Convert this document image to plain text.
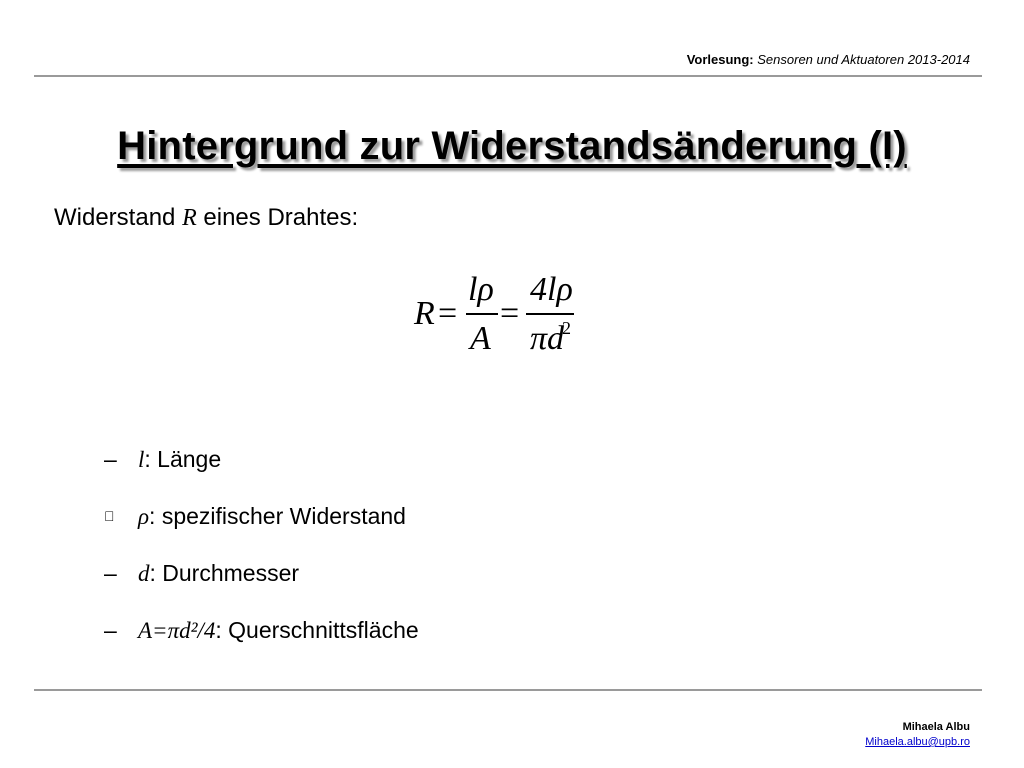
Vorlesung: Sensoren und Aktuatoren 2013-2014
Hintergrund zur Widerstandsänderung (I)
Widerstand R eines Drahtes:
R =
lρ
A
=
4lρ
πd
2
– l: Länge
ρ: spezifischer Widerstand
– d: Durchmesser
– A=πd²/4: Querschnittsfläche
Mihaela Albu
Mihaela.albu@upb.ro
